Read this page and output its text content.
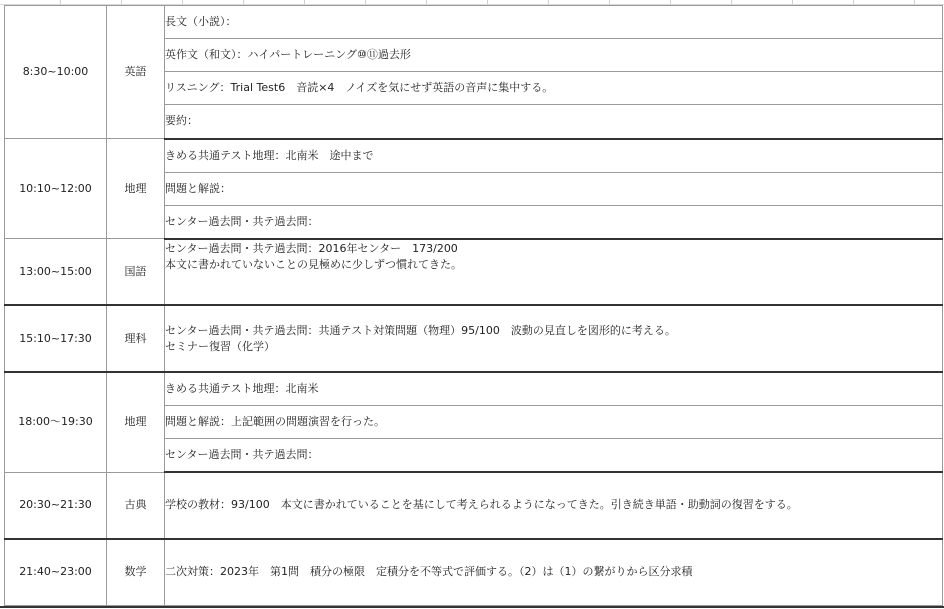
8:30~10:00	英語	長文（小説）：
		英作文（和文）：ハイパートレーニング⑩⑪過去形
		リスニング：Trial Test6　音読×4　ノイズを気にせず英語の音声に集中する。
		要約：
10:10~12:00	地理	きめる共通テスト地理：北南米　途中まで
		問題と解説：
		センター過去問・共テ過去問：
13:00~15:00	国語	センター過去問・共テ過去問：2016年センター　173/200
本文に書かれていないことの見極めに少しずつ慣れてきた。

15:10~17:30	理科	センター過去問・共テ過去問：共通テスト対策問題（物理）95/100　波動の見直しを図形的に考える。
セミナー復習（化学）

18:00〜19:30	地理	きめる共通テスト地理：北南米
		問題と解説：上記範囲の問題演習を行った。
		センター過去問・共テ過去問：
20:30~21:30	古典	学校の教材：93/100　本文に書かれていることを基にして考えられるようになってきた。引き続き単語・助動詞の復習をする。
21:40~23:00	数学	二次対策：2023年　第1問　積分の極限　定積分を不等式で評価する。（2）は（1）の繋がりから区分求積
